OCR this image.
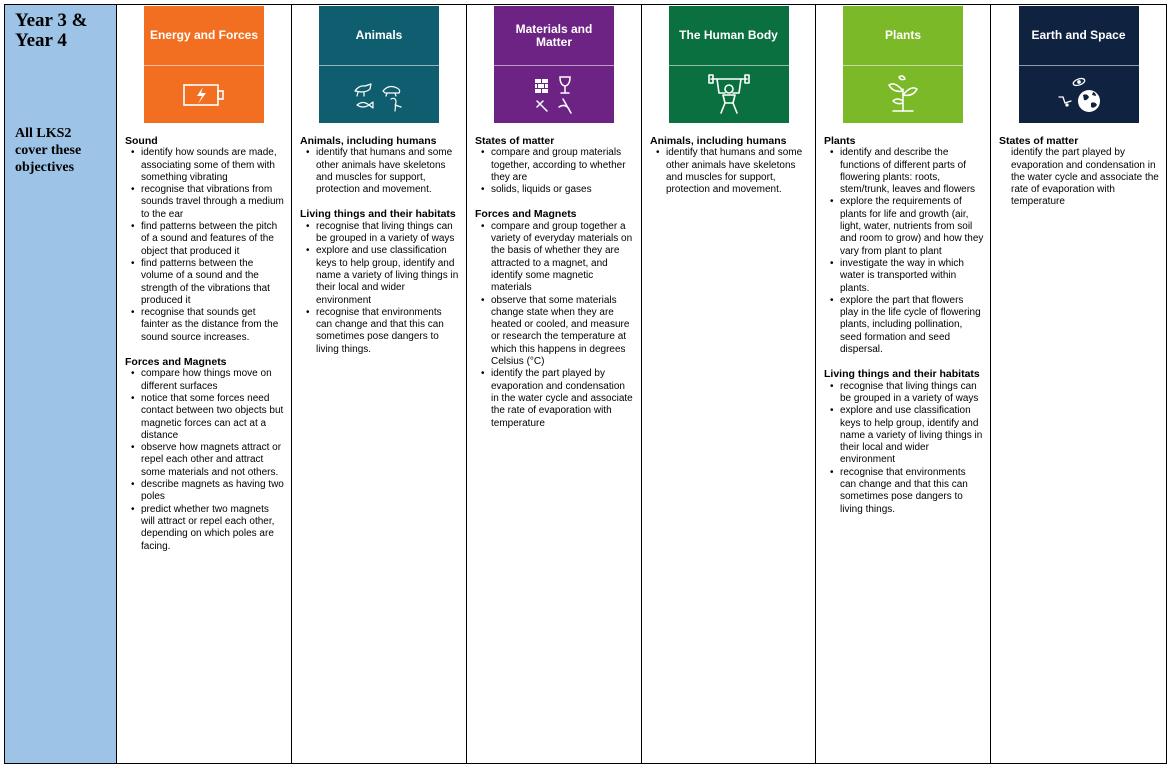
Year 3 &
Year 4
All LKS2
cover these
objectives

Energy and Forces
Sound
• identify how sounds are made, associating some of them with something vibrating
• recognise that vibrations from sounds travel through a medium to the ear
• find patterns between the pitch of a sound and features of the object that produced it
• find patterns between the volume of a sound and the strength of the vibrations that produced it
• recognise that sounds get fainter as the distance from the sound source increases.
Forces and Magnets
• compare how things move on different surfaces
• notice that some forces need contact between two objects but magnetic forces can act at a distance
• observe how magnets attract or repel each other and attract some materials and not others.
• describe magnets as having two poles
• predict whether two magnets will attract or repel each other, depending on which poles are facing.

Animals
Animals, including humans
• identify that humans and some other animals have skeletons and muscles for support, protection and movement.
Living things and their habitats
• recognise that living things can be grouped in a variety of ways
• explore and use classification keys to help group, identify and name a variety of living things in their local and wider environment
• recognise that environments can change and that this can sometimes pose dangers to living things.

Materials and Matter
States of matter
• compare and group materials together, according to whether they are
• solids, liquids or gases
Forces and Magnets
• compare and group together a variety of everyday materials on the basis of whether they are attracted to a magnet, and identify some magnetic materials
• observe that some materials change state when they are heated or cooled, and measure or research the temperature at which this happens in degrees Celsius (°C)
• identify the part played by evaporation and condensation in the water cycle and associate the rate of evaporation with temperature

The Human Body
Animals, including humans
• identify that humans and some other animals have skeletons and muscles for support, protection and movement.

Plants
Plants
• identify and describe the functions of different parts of flowering plants: roots, stem/trunk, leaves and flowers
• explore the requirements of plants for life and growth (air, light, water, nutrients from soil and room to grow) and how they vary from plant to plant
• investigate the way in which water is transported within plants.
• explore the part that flowers play in the life cycle of flowering plants, including pollination, seed formation and seed dispersal.
Living things and their habitats
• recognise that living things can be grouped in a variety of ways
• explore and use classification keys to help group, identify and name a variety of living things in their local and wider environment
• recognise that environments can change and that this can sometimes pose dangers to living things.

Earth and Space
States of matter
identify the part played by evaporation and condensation in the water cycle and associate the rate of evaporation with temperature
